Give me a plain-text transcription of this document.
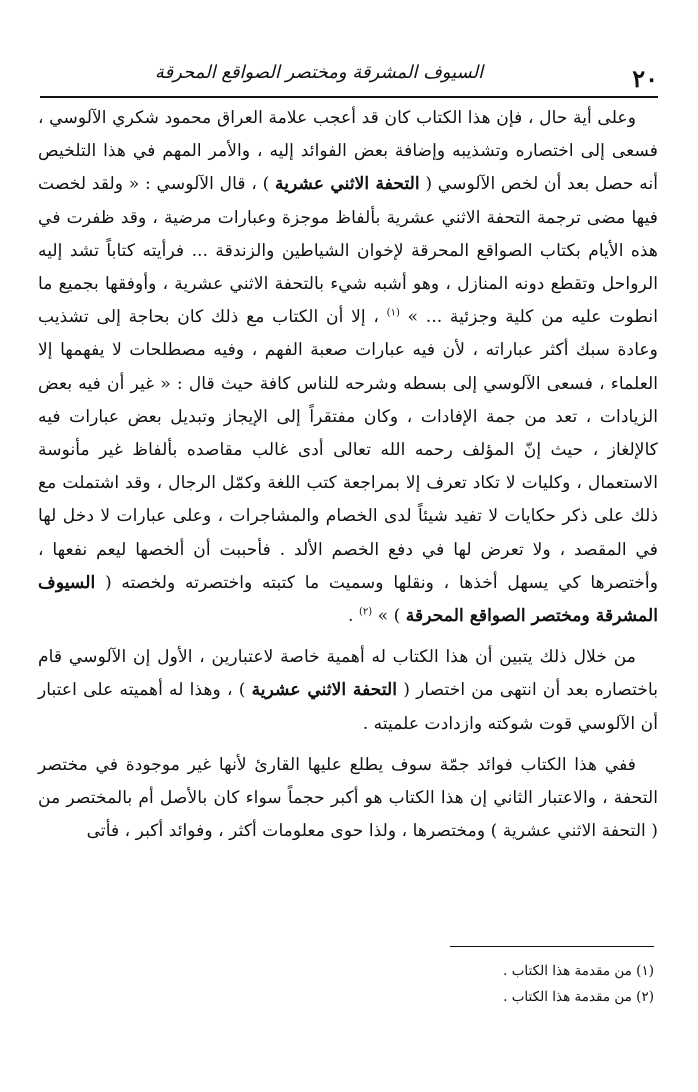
٢٠
السيوف المشرقة ومختصر الصواقع المحرقة

وعلى أية حال ، فإن هذا الكتاب كان قد أعجب علامة العراق محمود شكري الآلوسي ، فسعى إلى اختصاره وتشذيبه وإضافة بعض الفوائد إليه ، والأمر المهم في هذا التلخيص أنه حصل بعد أن لخص الآلوسي ( التحفة الاثني عشرية ) ، قال الآلوسي : « ولقد لخصت فيها مضى ترجمة التحفة الاثني عشرية بألفاظ موجزة وعبارات مرضية ، وقد ظفرت في هذه الأيام بكتاب الصواقع المحرقة لإخوان الشياطين والزندقة ... فرأيته كتاباً تشد إليه الرواحل وتقطع دونه المنازل ، وهو أشبه شيء بالتحفة الاثني عشرية ، وأوفقها بجميع ما انطوت عليه من كلية وجزئية ... » $^{(١)}$ ، إلا أن الكتاب مع ذلك كان بحاجة إلى تشذيب وعادة سبك أكثر عباراته ، لأن فيه عبارات صعبة الفهم ، وفيه مصطلحات لا يفهمها إلا العلماء ، فسعى الآلوسي إلى بسطه وشرحه للناس كافة حيث قال : « غير أن فيه بعض الزيادات ، تعد من جمة الإفادات ، وكان مفتقراً إلى الإيجاز وتبديل بعض عبارات فيه كالإلغاز ، حيث إنّ المؤلف رحمه الله تعالى أدى غالب مقاصده بألفاظ غير مأنوسة الاستعمال ، وكليات لا تكاد تعرف إلا بمراجعة كتب اللغة وكمّل الرجال ، وقد اشتملت مع ذلك على ذكر حكايات لا تفيد شيئاً لدى الخصام والمشاجرات ، وعلى عبارات لا دخل لها في المقصد ، ولا تعرض لها في دفع الخصم الألد . فأحببت أن ألخصها ليعم نفعها ، وأختصرها كي يسهل أخذها ، ونقلها وسميت ما كتبته واختصرته ولخصته ( السيوف المشرقة ومختصر الصواقع المحرقة ) » $^{(٢)}$ .

من خلال ذلك يتبين أن هذا الكتاب له أهمية خاصة لاعتبارين ، الأول إن الآلوسي قام باختصاره بعد أن انتهى من اختصار ( التحفة الاثني عشرية ) ، وهذا له أهميته على اعتبار أن الآلوسي قوت شوكته وازدادت علميته .

ففي هذا الكتاب فوائد جمّة سوف يطلع عليها القارئ لأنها غير موجودة في مختصر التحفة ، والاعتبار الثاني إن هذا الكتاب هو أكبر حجماً سواء كان بالأصل أم بالمختصر من ( التحفة الاثني عشرية ) ومختصرها ، ولذا حوى معلومات أكثر ، وفوائد أكبر ، فأتى

(١) من مقدمة هذا الكتاب .
(٢) من مقدمة هذا الكتاب .
